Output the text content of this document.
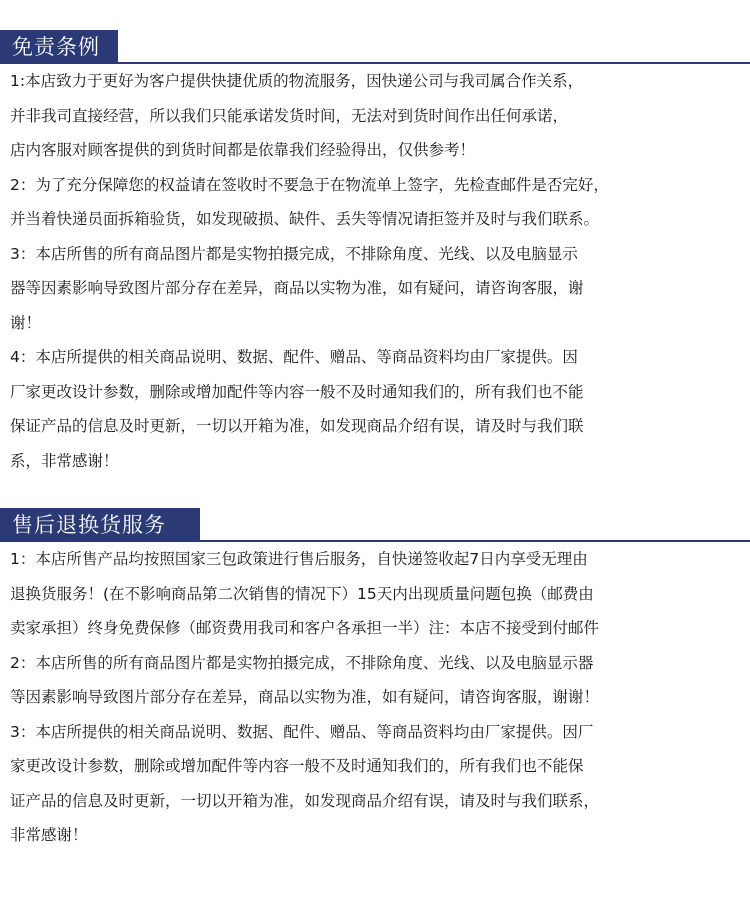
免责条例
1:本店致力于更好为客户提供快捷优质的物流服务，因快递公司与我司属合作关系，
并非我司直接经营，所以我们只能承诺发货时间，无法对到货时间作出任何承诺，
店内客服对顾客提供的到货时间都是依靠我们经验得出，仅供参考！
2：为了充分保障您的权益请在签收时不要急于在物流单上签字，先检查邮件是否完好，
并当着快递员面拆箱验货，如发现破损、缺件、丢失等情况请拒签并及时与我们联系。
3：本店所售的所有商品图片都是实物拍摄完成，不排除角度、光线、以及电脑显示
器等因素影响导致图片部分存在差异，商品以实物为准，如有疑问，请咨询客服，谢
谢！
4：本店所提供的相关商品说明、数据、配件、赠品、等商品资料均由厂家提供。因
厂家更改设计参数，删除或增加配件等内容一般不及时通知我们的，所有我们也不能
保证产品的信息及时更新，一切以开箱为准，如发现商品介绍有误，请及时与我们联
系，非常感谢！
售后退换货服务
1：本店所售产品均按照国家三包政策进行售后服务，自快递签收起7日内享受无理由
退换货服务！(在不影响商品第二次销售的情况下）15天内出现质量问题包换（邮费由
卖家承担）终身免费保修（邮资费用我司和客户各承担一半）注：本店不接受到付邮件
2：本店所售的所有商品图片都是实物拍摄完成，不排除角度、光线、以及电脑显示器
等因素影响导致图片部分存在差异，商品以实物为准，如有疑问，请咨询客服，谢谢！
3：本店所提供的相关商品说明、数据、配件、赠品、等商品资料均由厂家提供。因厂
家更改设计参数，删除或增加配件等内容一般不及时通知我们的，所有我们也不能保
证产品的信息及时更新，一切以开箱为准，如发现商品介绍有误，请及时与我们联系，
非常感谢！
